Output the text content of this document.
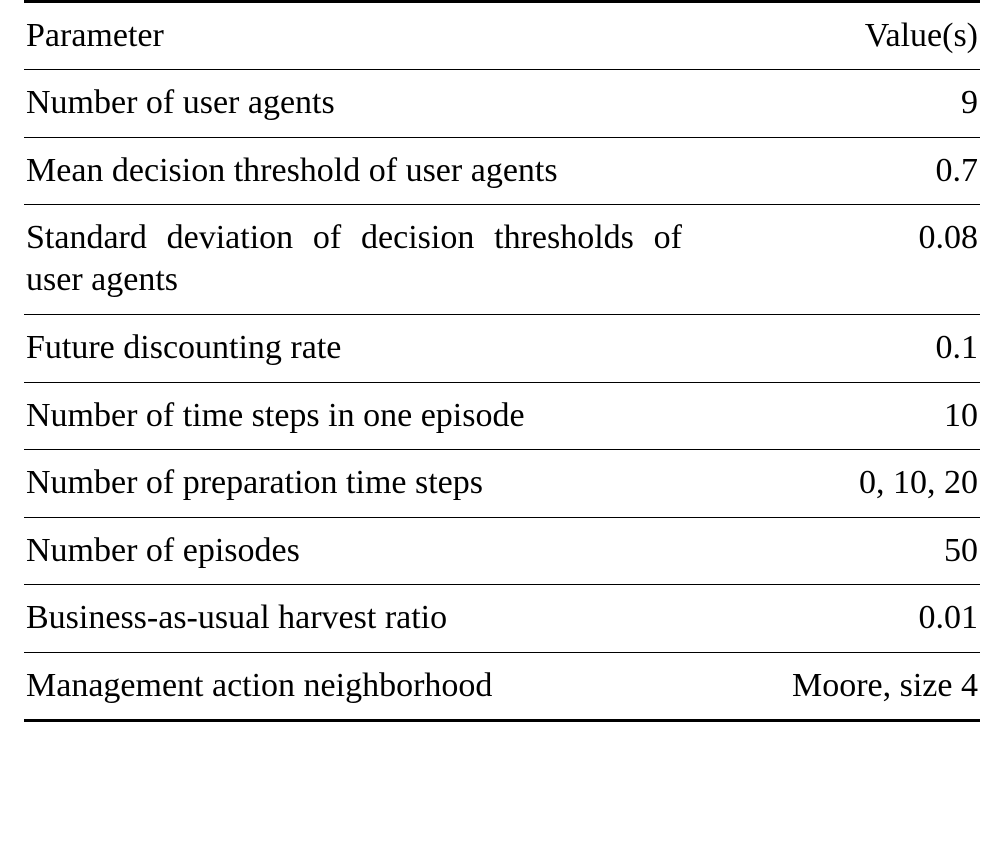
Parameter	Value(s)
Number of user agents	9
Mean decision threshold of user agents	0.7
Standard deviation of decision thresholds of user agents	0.08
Future discounting rate	0.1
Number of time steps in one episode	10
Number of preparation time steps	0, 10, 20
Number of episodes	50
Business-as-usual harvest ratio	0.01
Management action neighborhood	Moore, size 4
